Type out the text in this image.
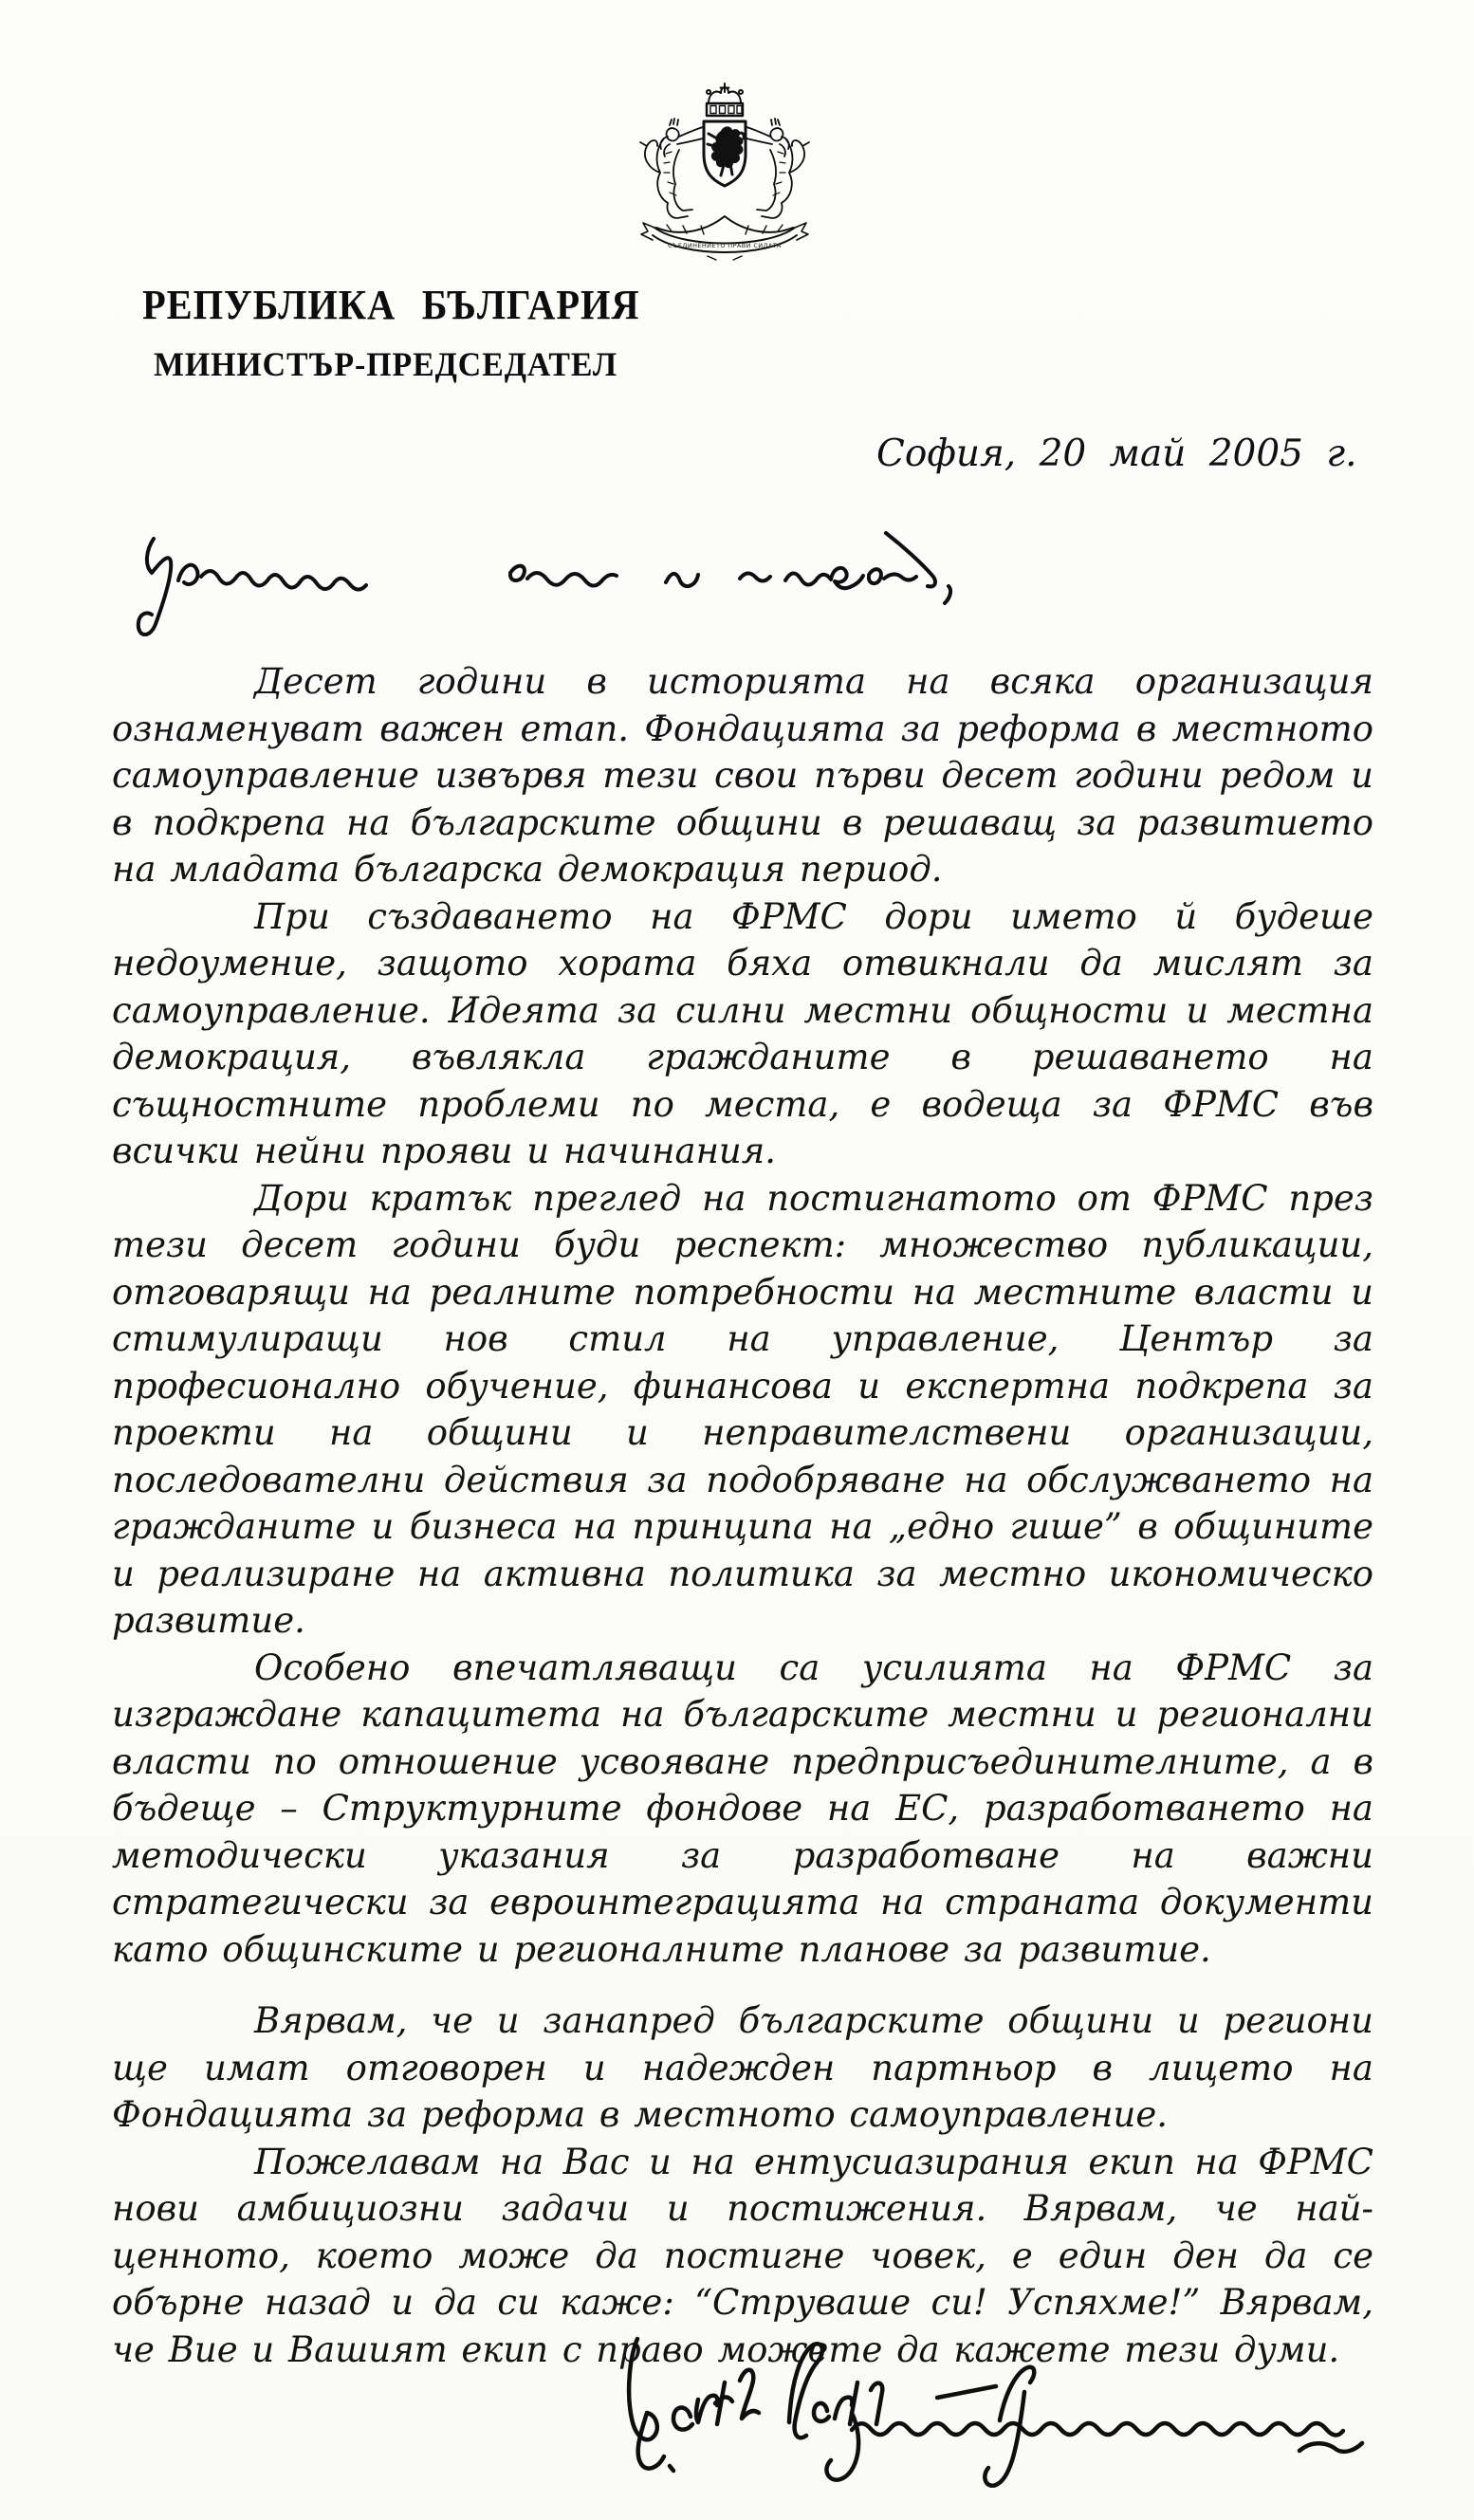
СЪЕДИНЕНИЕТО ПРАВИ СИЛАТА
РЕПУБЛИКА БЪЛГАРИЯ
МИНИСТЪР-ПРЕДСЕДАТЕЛ
София, 20 май 2005 г.

Десет години в историята на всяка организация ознаменуват важен етап. Фондацията за реформа в местното самоуправление извървя тези свои първи десет години редом и в подкрепа на българските общини в решаващ за развитието на младата българска демокрация период.

При създаването на ФРМС дори името й будеше недоумение, защото хората бяха отвикнали да мислят за самоуправление. Идеята за силни местни общности и местна демокрация, въвлякла гражданите в решаването на същностните проблеми по места, е водеща за ФРМС във всички нейни прояви и начинания.

Дори кратък преглед на постигнатото от ФРМС през тези десет години буди респект: множество публикации, отговарящи на реалните потребности на местните власти и стимулиращи нов стил на управление, Център за професионално обучение, финансова и експертна подкрепа за проекти на общини и неправителствени организации, последователни действия за подобряване на обслужването на гражданите и бизнеса на принципа на „едно гише” в общините и реализиране на активна политика за местно икономическо развитие.

Особено впечатляващи са усилията на ФРМС за изграждане капацитета на българските местни и регионални власти по отношение усвояване предприсъединителните, а в бъдеще – Структурните фондове на ЕС, разработването на методически указания за разработване на важни стратегически за евроинтеграцията на страната документи като общинските и регионалните планове за развитие.

Вярвам, че и занапред българските общини и региони ще имат отговорен и надежден партньор в лицето на Фондацията за реформа в местното самоуправление.

Пожелавам на Вас и на ентусиазирания екип на ФРМС нови амбициозни задачи и постижения. Вярвам, че най-ценното, което може да постигне човек, е един ден да се обърне назад и да си каже: “Струваше си! Успяхме!” Вярвам, че Вие и Вашият екип с право можете да кажете тези думи.
